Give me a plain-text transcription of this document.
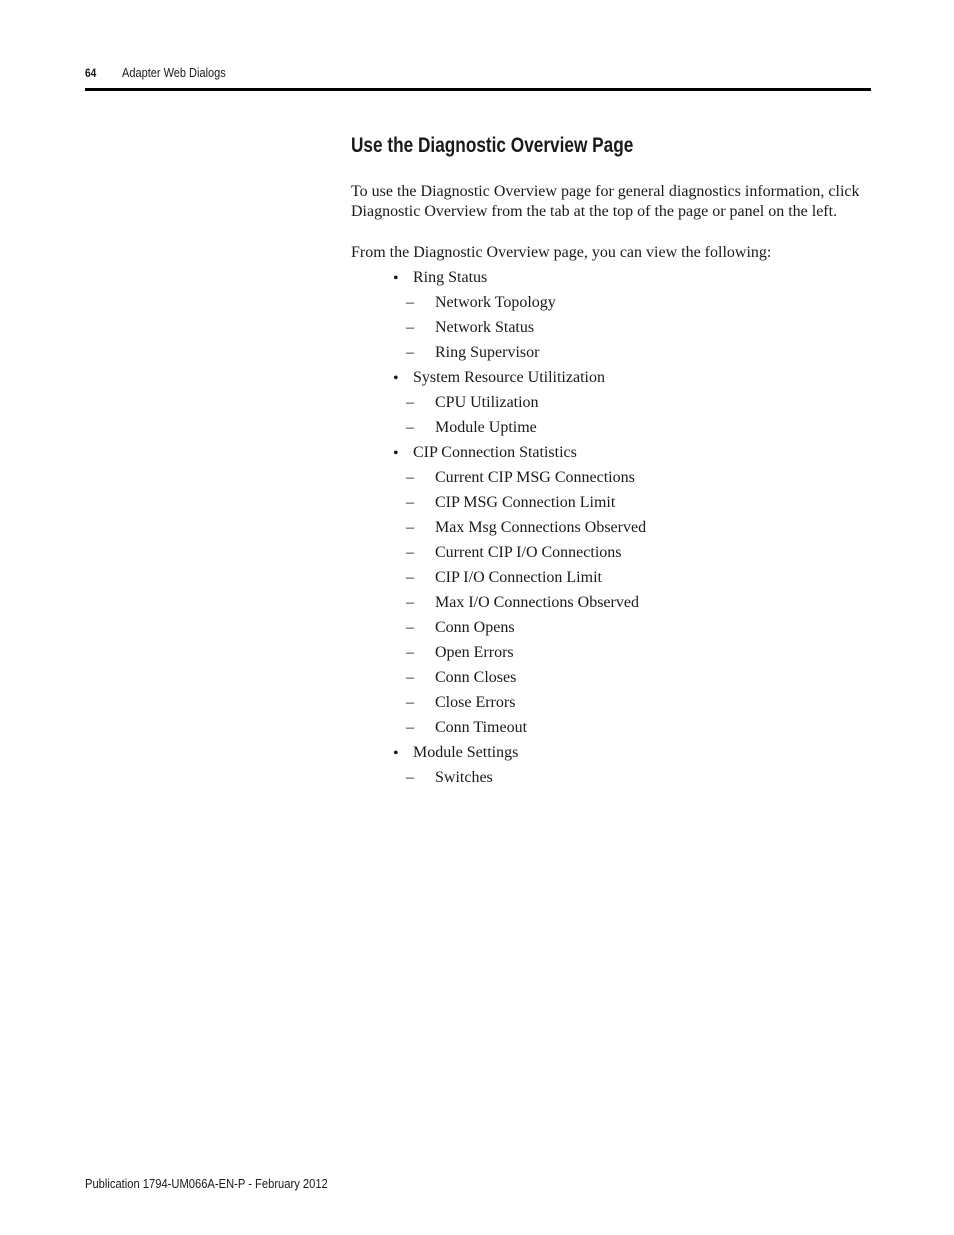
64 Adapter Web Dialogs
Use the Diagnostic Overview Page

To use the Diagnostic Overview page for general diagnostics information, click Diagnostic Overview from the tab at the top of the page or panel on the left.

From the Diagnostic Overview page, you can view the following:

• Ring Status
– Network Topology
– Network Status
– Ring Supervisor
• System Resource Utilitization
– CPU Utilization
– Module Uptime
• CIP Connection Statistics
– Current CIP MSG Connections
– CIP MSG Connection Limit
– Max Msg Connections Observed
– Current CIP I/O Connections
– CIP I/O Connection Limit
– Max I/O Connections Observed
– Conn Opens
– Open Errors
– Conn Closes
– Close Errors
– Conn Timeout
• Module Settings
– Switches
Publication 1794-UM066A-EN-P - February 2012
